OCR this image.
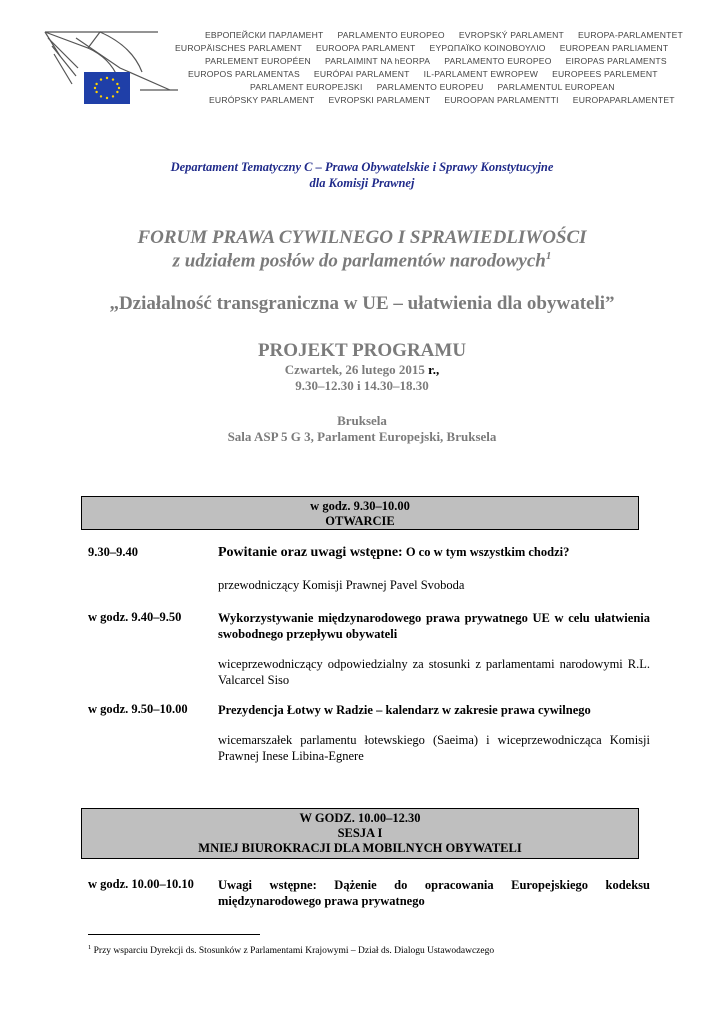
ЕВРОПЕЙСКИ ПАРЛАМЕНТ PARLAMENTO EUROPEO EVROPSKÝ PARLAMENT EUROPA-PARLAMENTET
EUROPÄISCHES PARLAMENT EUROOPA PARLAMENT ΕΥΡΩΠΑΪΚΟ ΚΟΙΝΟΒΟΥΛΙΟ EUROPEAN PARLIAMENT
PARLEMENT EUROPÉEN PARLAIMINT NA hEORPA PARLAMENTO EUROPEO EIROPAS PARLAMENTS
EUROPOS PARLAMENTAS EURÓPAI PARLAMENT IL-PARLAMENT EWROPEW EUROPEES PARLEMENT
PARLAMENT EUROPEJSKI PARLAMENTO EUROPEU PARLAMENTUL EUROPEAN
EURÓPSKY PARLAMENT EVROPSKI PARLAMENT EUROOPAN PARLAMENTTI EUROPAPARLAMENTET
Departament Tematyczny C – Prawa Obywatelskie i Sprawy Konstytucyjne
dla Komisji Prawnej
FORUM PRAWA CYWILNEGO I SPRAWIEDLIWOŚCI
z udziałem posłów do parlamentów narodowych$^1$
„Działalność transgraniczna w UE – ułatwienia dla obywateli”
PROJEKT PROGRAMU
Czwartek, 26 lutego 2015 r.,
9.30–12.30 i 14.30–18.30
Bruksela
Sala ASP 5 G 3, Parlament Europejski, Bruksela
w godz. 9.30–10.00
OTWARCIE
9.30–9.40	Powitanie oraz uwagi wstępne: O co w tym wszystkim chodzi?
przewodniczący Komisji Prawnej Pavel Svoboda
w godz. 9.40–9.50	Wykorzystywanie międzynarodowego prawa prywatnego UE w celu ułatwienia swobodnego przepływu obywateli
wiceprzewodniczący odpowiedzialny za stosunki z parlamentami narodowymi R.L. Valcarcel Siso
w godz. 9.50–10.00 Prezydencja Łotwy w Radzie – kalendarz w zakresie prawa cywilnego
wicemarszałek parlamentu łotewskiego (Saeima) i wiceprzewodnicząca Komisji Prawnej Inese Libina-Egnere
W GODZ. 10.00–12.30
SESJA I
MNIEJ BIUROKRACJI DLA MOBILNYCH OBYWATELI
w godz. 10.00–10.10 Uwagi wstępne: Dążenie do opracowania Europejskiego kodeksu międzynarodowego prawa prywatnego
$^1$ Przy wsparciu Dyrekcji ds. Stosunków z Parlamentami Krajowymi – Dział ds. Dialogu Ustawodawczego
